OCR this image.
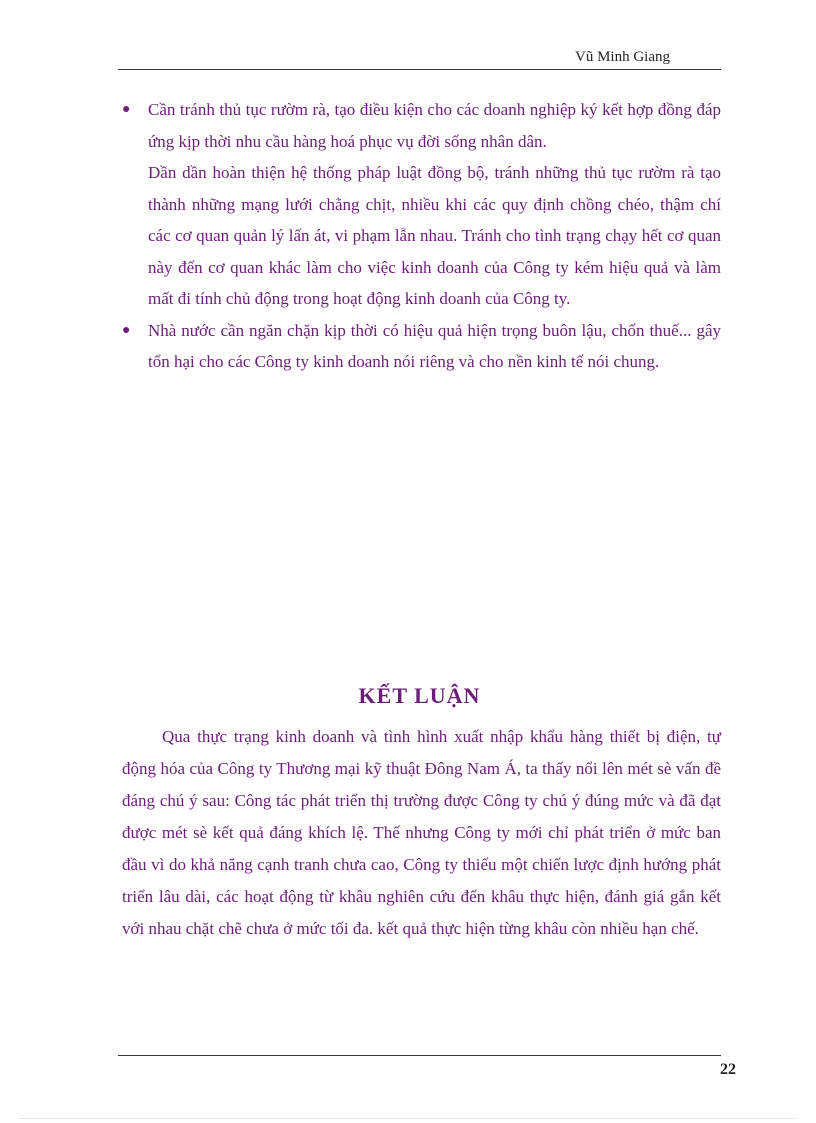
Vũ Minh Giang

● Cần tránh thủ tục rườm rà, tạo điều kiện cho các doanh nghiệp ký kết hợp đồng đáp ứng kịp thời nhu cầu hàng hoá phục vụ đời sống nhân dân.

Dần dần hoàn thiện hệ thống pháp luật đồng bộ, tránh những thủ tục rườm rà tạo thành những mạng lưới chằng chịt, nhiều khi các quy định chồng chéo, thậm chí các cơ quan quản lý lấn át, vi phạm lẫn nhau. Tránh cho tình trạng chạy hết cơ quan này đến cơ quan khác làm cho việc kinh doanh của Công ty kém hiệu quả và làm mất đi tính chủ động trong hoạt động kinh doanh của Công ty.

● Nhà nước cần ngăn chặn kịp thời có hiệu quả hiện trọng buôn lậu, chốn thuế... gây tổn hại cho các Công ty kinh doanh nói riêng và cho nền kinh tế nói chung.

KẾT LUẬN

Qua thực trạng kinh doanh và tình hình xuất nhập khẩu hàng thiết bị điện, tự động hóa của Công ty Thương mại kỹ thuật Đông Nam Á, ta thấy nổi lên mét sè vấn đề đáng chú ý sau: Công tác phát triển thị trường được Công ty chú ý đúng mức và đã đạt được mét sè kết quả đáng khích lệ. Thế nhưng Công ty mới chỉ phát triển ở mức ban đầu vì do khả năng cạnh tranh chưa cao, Công ty thiếu một chiến lược định hướng phát triển lâu dài, các hoạt động từ khâu nghiên cứu đến khâu thực hiện, đánh giá gắn kết với nhau chặt chẽ chưa ở mức tối đa. kết quả thực hiện từng khâu còn nhiều hạn chế.

22
